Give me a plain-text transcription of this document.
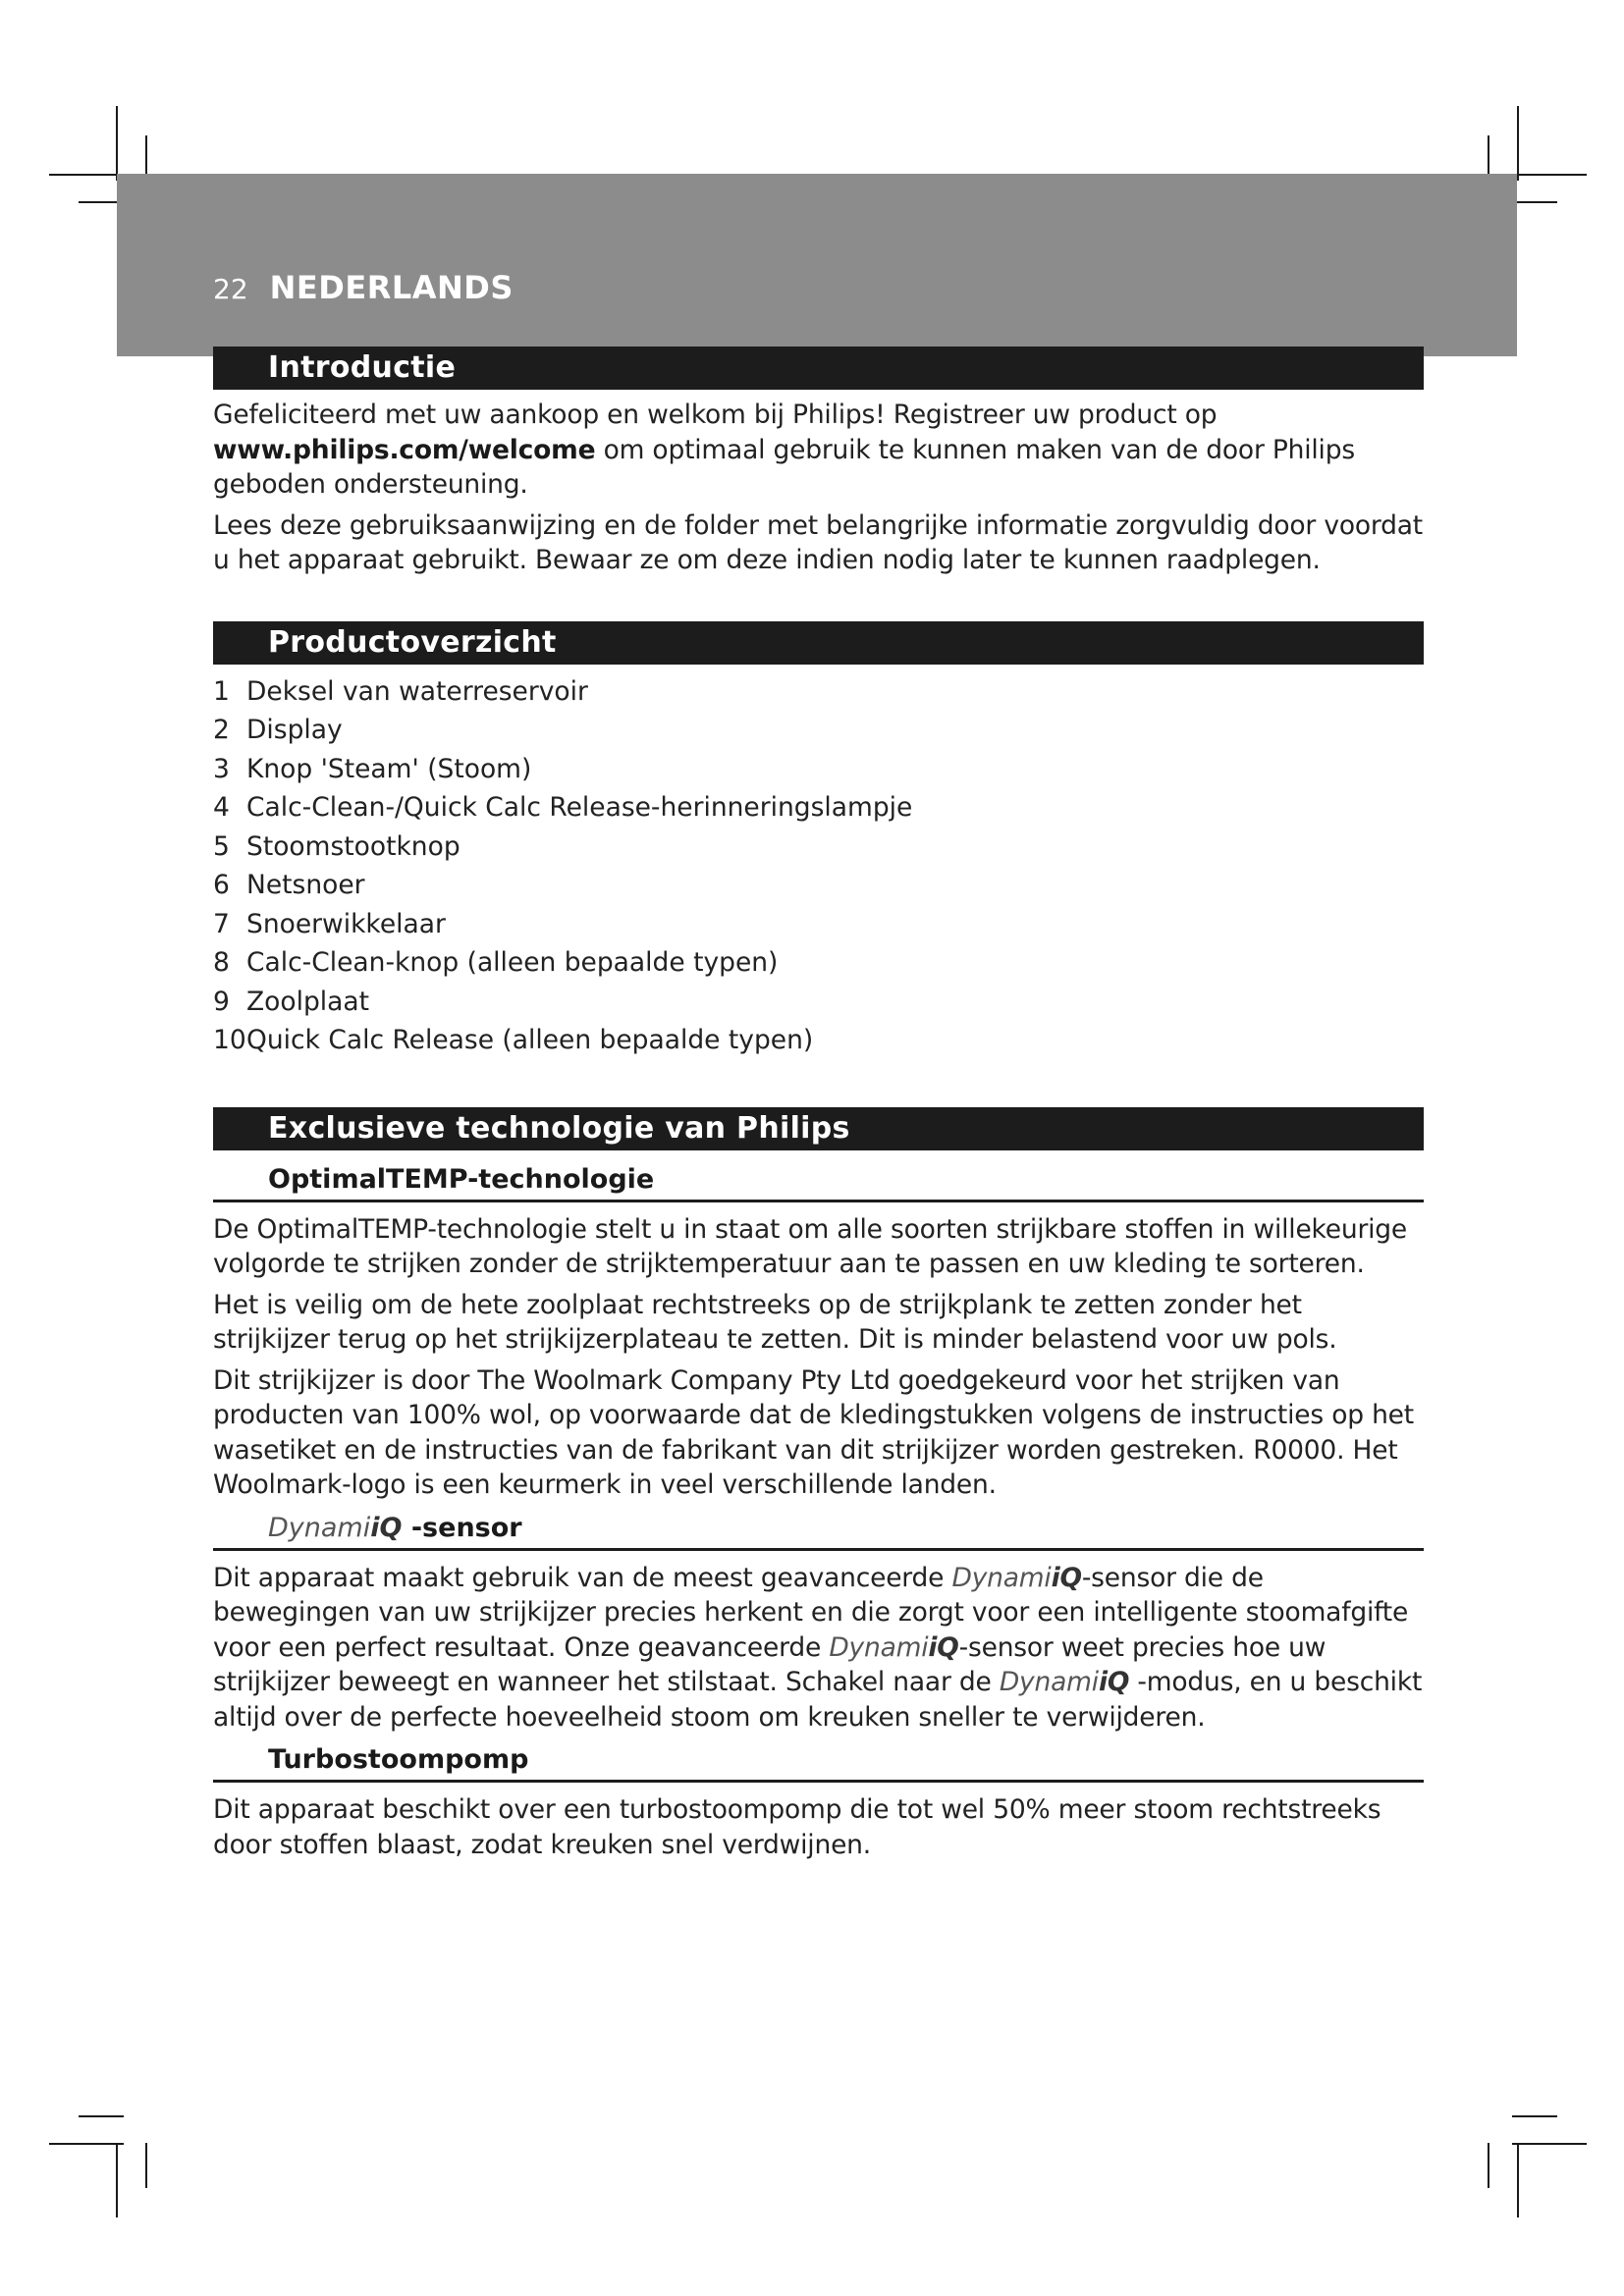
22 NEDERLANDS
Introductie

Gefeliciteerd met uw aankoop en welkom bij Philips! Registreer uw product op
www.philips.com/welcome om optimaal gebruik te kunnen maken van de door Philips geboden ondersteuning.

Lees deze gebruiksaanwijzing en de folder met belangrijke informatie zorgvuldig door voordat u het apparaat gebruikt. Bewaar ze om deze indien nodig later te kunnen raadplegen.

Productoverzicht
1 Deksel van waterreservoir
2 Display
3 Knop 'Steam' (Stoom)
4 Calc-Clean-/Quick Calc Release-herinneringslampje
5 Stoomstootknop
6 Netsnoer
7 Snoerwikkelaar
8 Calc-Clean-knop (alleen bepaalde typen)
9 Zoolplaat
10Quick Calc Release (alleen bepaalde typen)
Exclusieve technologie van Philips
OptimalTEMP-technologie

De OptimalTEMP-technologie stelt u in staat om alle soorten strijkbare stoffen in willekeurige volgorde te strijken zonder de strijktemperatuur aan te passen en uw kleding te sorteren.

Het is veilig om de hete zoolplaat rechtstreeks op de strijkplank te zetten zonder het strijkijzer terug op het strijkijzerplateau te zetten. Dit is minder belastend voor uw pols.

Dit strijkijzer is door The Woolmark Company Pty Ltd goedgekeurd voor het strijken van producten van 100% wol, op voorwaarde dat de kledingstukken volgens de instructies op het wasetiket en de instructies van de fabrikant van dit strijkijzer worden gestreken. R0000. Het Woolmark-logo is een keurmerk in veel verschillende landen.

DynamiiQ -sensor

Dit apparaat maakt gebruik van de meest geavanceerde DynamiiQ-sensor die de bewegingen van uw strijkijzer precies herkent en die zorgt voor een intelligente stoomafgifte voor een perfect resultaat. Onze geavanceerde DynamiiQ-sensor weet precies hoe uw strijkijzer beweegt en wanneer het stilstaat. Schakel naar de DynamiiQ -modus, en u beschikt altijd over de perfecte hoeveelheid stoom om kreuken sneller te verwijderen.

Turbostoompomp

Dit apparaat beschikt over een turbostoompomp die tot wel 50% meer stoom rechtstreeks door stoffen blaast, zodat kreuken snel verdwijnen.
